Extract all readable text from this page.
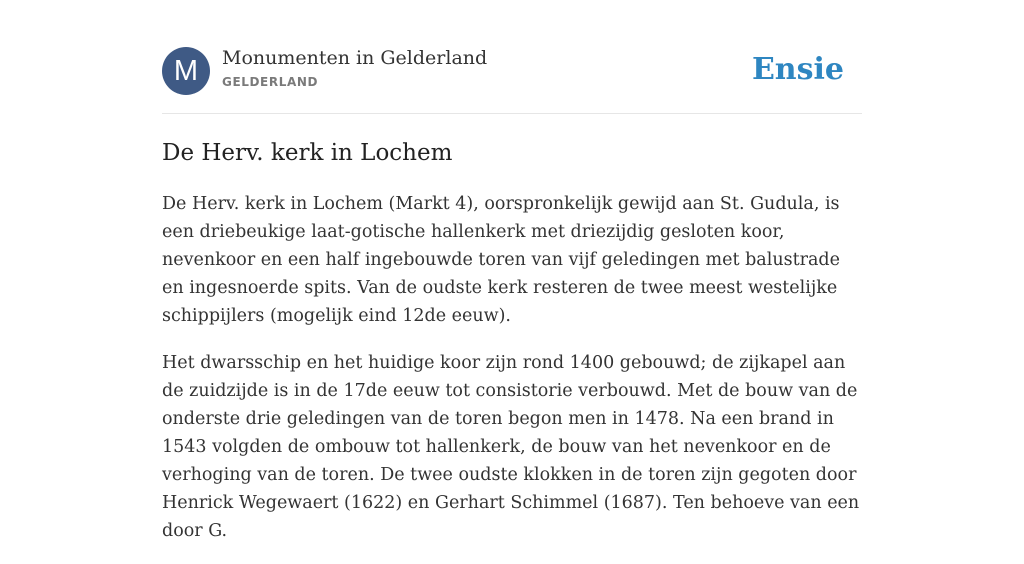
M	Monumenten in Gelderland
GELDERLAND	Ensie
De Herv. kerk in Lochem

De Herv. kerk in Lochem (Markt 4), oorspronkelijk gewijd aan St. Gudula, is een driebeukige laat-gotische hallenkerk met driezijdig gesloten koor, nevenkoor en een half ingebouwde toren van vijf geledingen met balustrade en ingesnoerde spits. Van de oudste kerk resteren de twee meest westelijke schippijlers (mogelijk eind 12de eeuw).

Het dwarsschip en het huidige koor zijn rond 1400 gebouwd; de zijkapel aan de zuidzijde is in de 17de eeuw tot consistorie verbouwd. Met de bouw van de onderste drie geledingen van de toren begon men in 1478. Na een brand in 1543 volgden de ombouw tot hallenkerk, de bouw van het nevenkoor en de verhoging van de toren. De twee oudste klokken in de toren zijn gegoten door Henrick Wegewaert (1622) en Gerhart Schimmel (1687). Ten behoeve van een door G.
